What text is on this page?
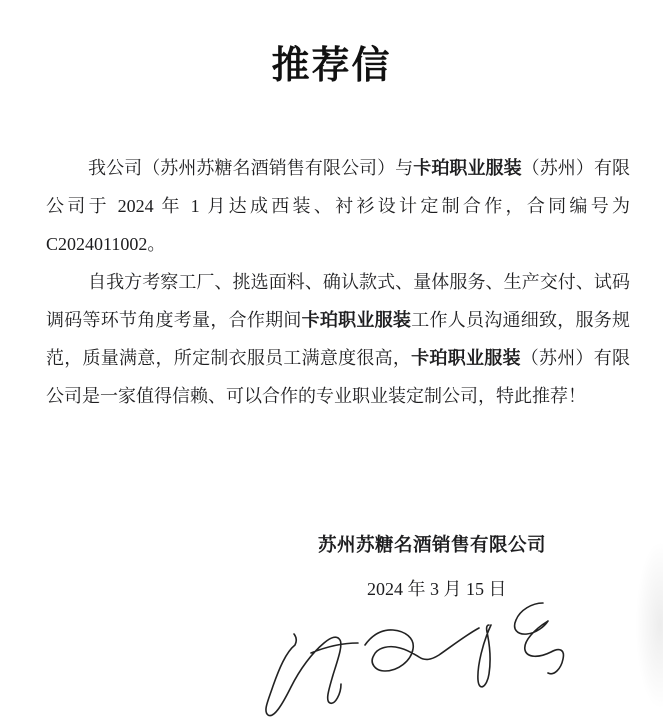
推荐信
我公司（苏州苏糖名酒销售有限公司）与卡珀职业服装（苏州）有限
公司于 2024 年 1 月达成西装、衬衫设计定制合作，合同编号为
C2024011002。
自我方考察工厂、挑选面料、确认款式、量体服务、生产交付、试码
调码等环节角度考量，合作期间卡珀职业服装工作人员沟通细致，服务规
范，质量满意，所定制衣服员工满意度很高，卡珀职业服装（苏州）有限
公司是一家值得信赖、可以合作的专业职业装定制公司，特此推荐！
苏州苏糖名酒销售有限公司
2024 年 3 月 15 日
